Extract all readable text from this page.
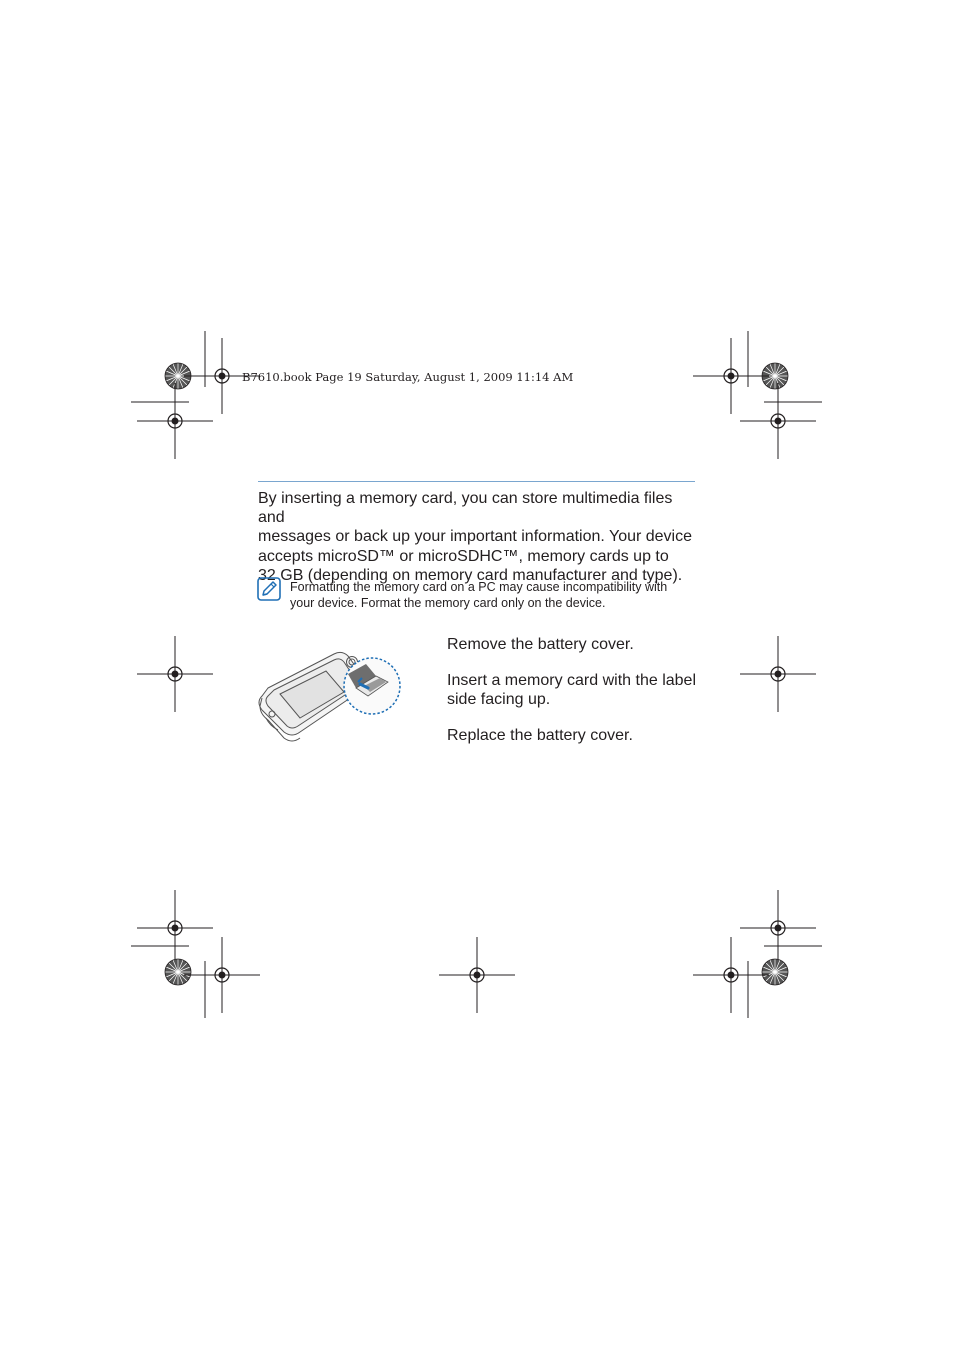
B7610.book Page 19 Saturday, August 1, 2009 11:14 AM

By inserting a memory card, you can store multimedia files and

messages or back up your important information. Your device

accepts microSD™ or microSDHC™, memory cards up to

32 GB (depending on memory card manufacturer and type).

Formatting the memory card on a PC may cause incompatibility with

your device. Format the memory card only on the device.

Remove the battery cover.

Insert a memory card with the label

side facing up.

Replace the battery cover.
